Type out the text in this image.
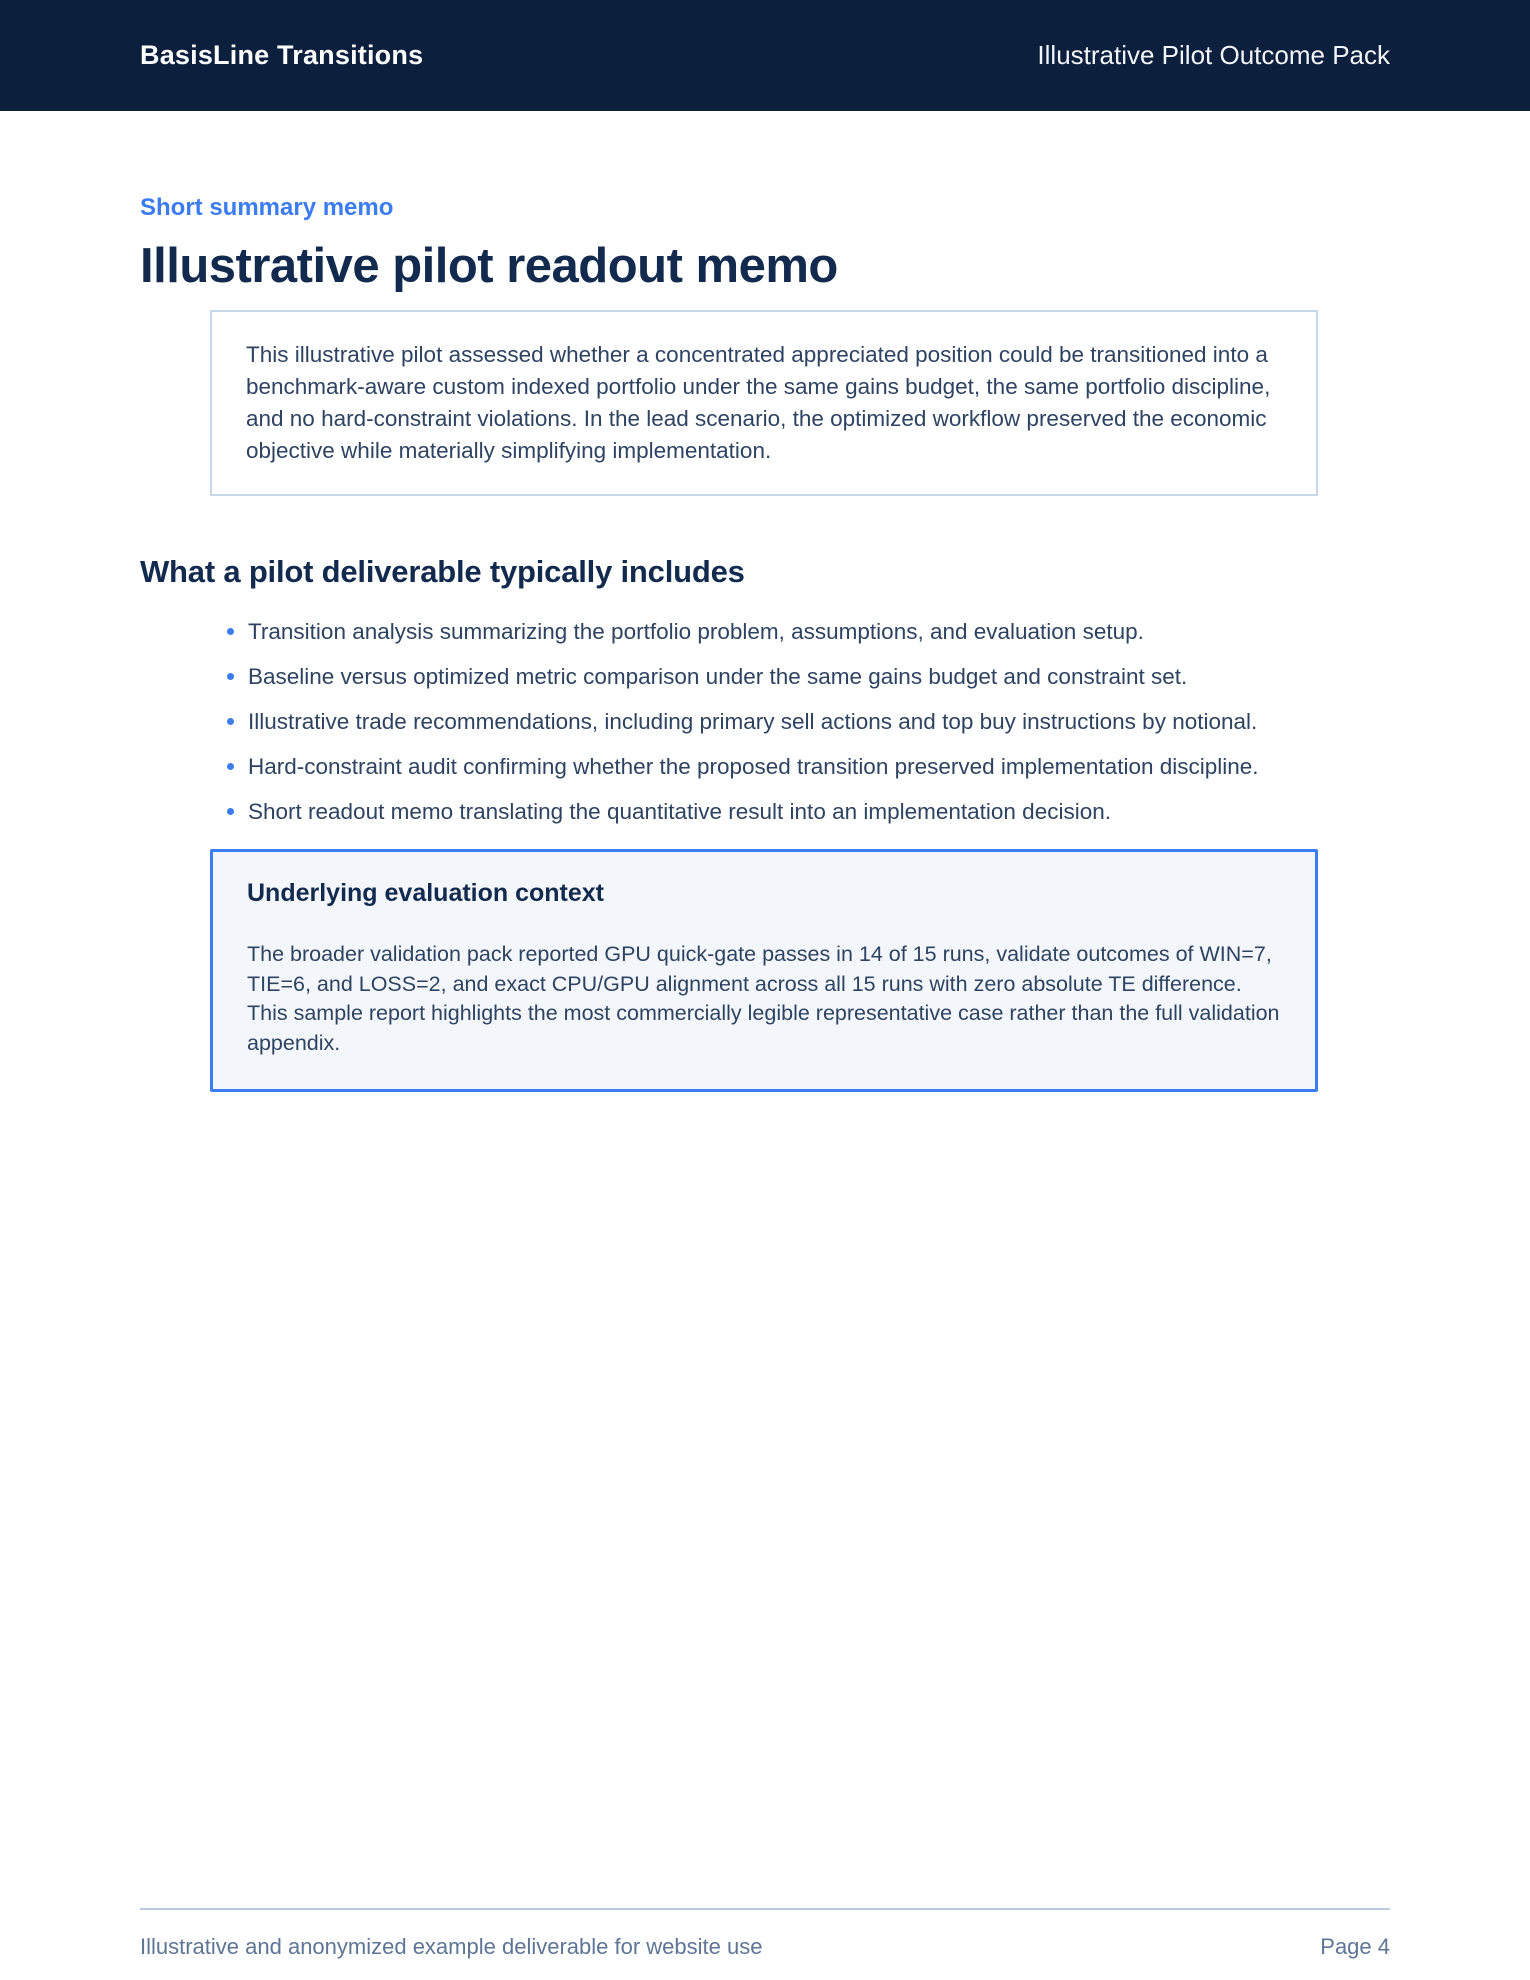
BasisLine Transitions	Illustrative Pilot Outcome Pack
Short summary memo
Illustrative pilot readout memo
This illustrative pilot assessed whether a concentrated appreciated position could be transitioned into a benchmark-aware custom indexed portfolio under the same gains budget, the same portfolio discipline, and no hard-constraint violations. In the lead scenario, the optimized workflow preserved the economic objective while materially simplifying implementation.
What a pilot deliverable typically includes
Transition analysis summarizing the portfolio problem, assumptions, and evaluation setup.
Baseline versus optimized metric comparison under the same gains budget and constraint set.
Illustrative trade recommendations, including primary sell actions and top buy instructions by notional.
Hard-constraint audit confirming whether the proposed transition preserved implementation discipline.
Short readout memo translating the quantitative result into an implementation decision.
Underlying evaluation context
The broader validation pack reported GPU quick-gate passes in 14 of 15 runs, validate outcomes of WIN=7, TIE=6, and LOSS=2, and exact CPU/GPU alignment across all 15 runs with zero absolute TE difference. This sample report highlights the most commercially legible representative case rather than the full validation appendix.
Illustrative and anonymized example deliverable for website use	Page 4
